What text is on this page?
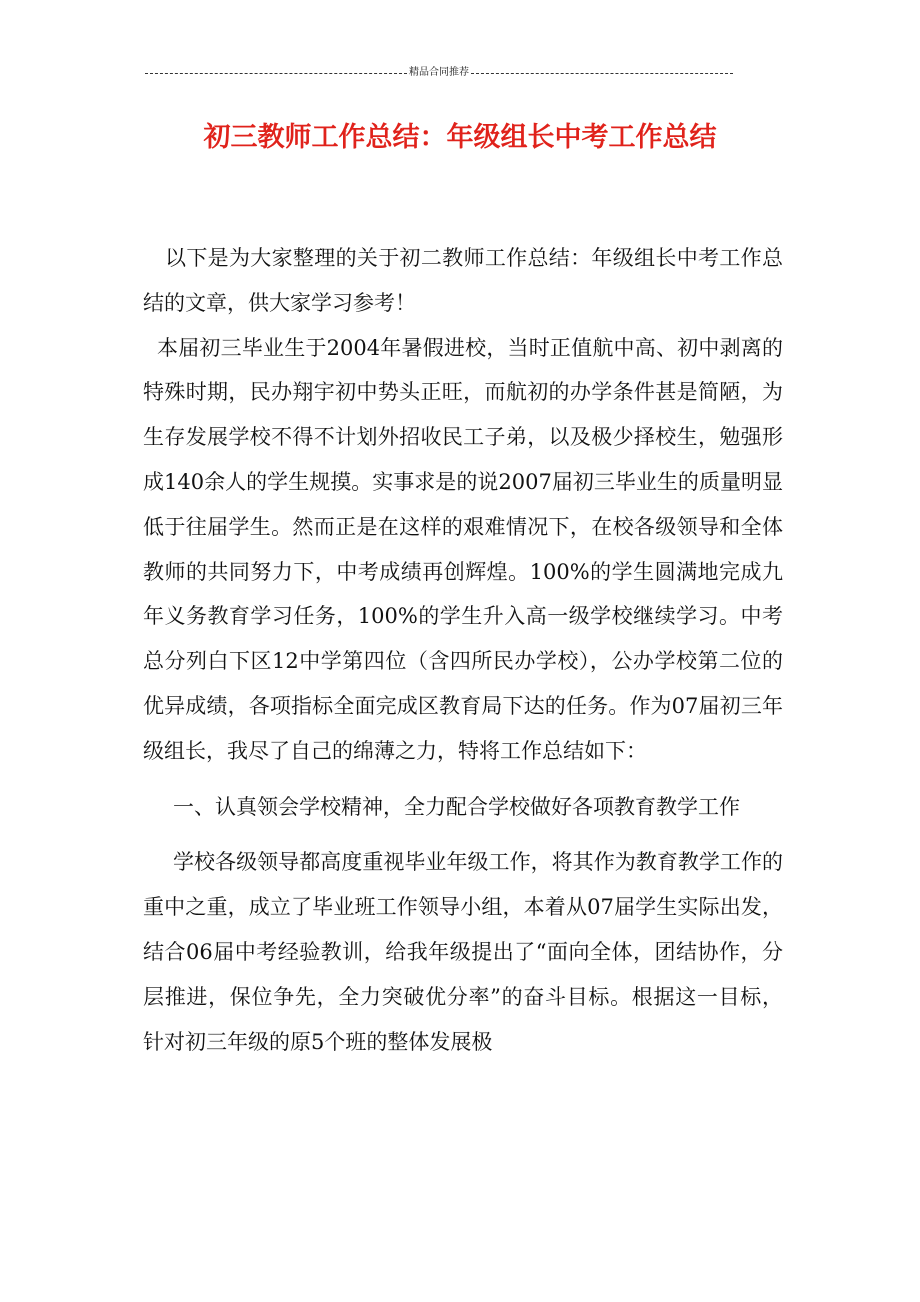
精品合同推荐
初三教师工作总结：年级组长中考工作总结

以下是为大家整理的关于初二教师工作总结：年级组长中考工作总结的文章，供大家学习参考！

本届初三毕业生于2004年暑假进校，当时正值航中高、初中剥离的特殊时期，民办翔宇初中势头正旺，而航初的办学条件甚是简陋，为生存发展学校不得不计划外招收民工子弟，以及极少择校生，勉强形成140余人的学生规摸。实事求是的说2007届初三毕业生的质量明显低于往届学生。然而正是在这样的艰难情况下，在校各级领导和全体教师的共同努力下，中考成绩再创辉煌。100%的学生圆满地完成九年义务教育学习任务，100%的学生升入高一级学校继续学习。中考总分列白下区12中学第四位（含四所民办学校），公办学校第二位的优异成绩，各项指标全面完成区教育局下达的任务。作为07届初三年级组长，我尽了自己的绵薄之力，特将工作总结如下：

一、认真领会学校精神，全力配合学校做好各项教育教学工作

学校各级领导都高度重视毕业年级工作，将其作为教育教学工作的重中之重，成立了毕业班工作领导小组，本着从07届学生实际出发，结合06届中考经验教训，给我年级提出了“面向全体，团结协作，分层推进，保位争先，全力突破优分率”的奋斗目标。根据这一目标，针对初三年级的原5个班的整体发展极
